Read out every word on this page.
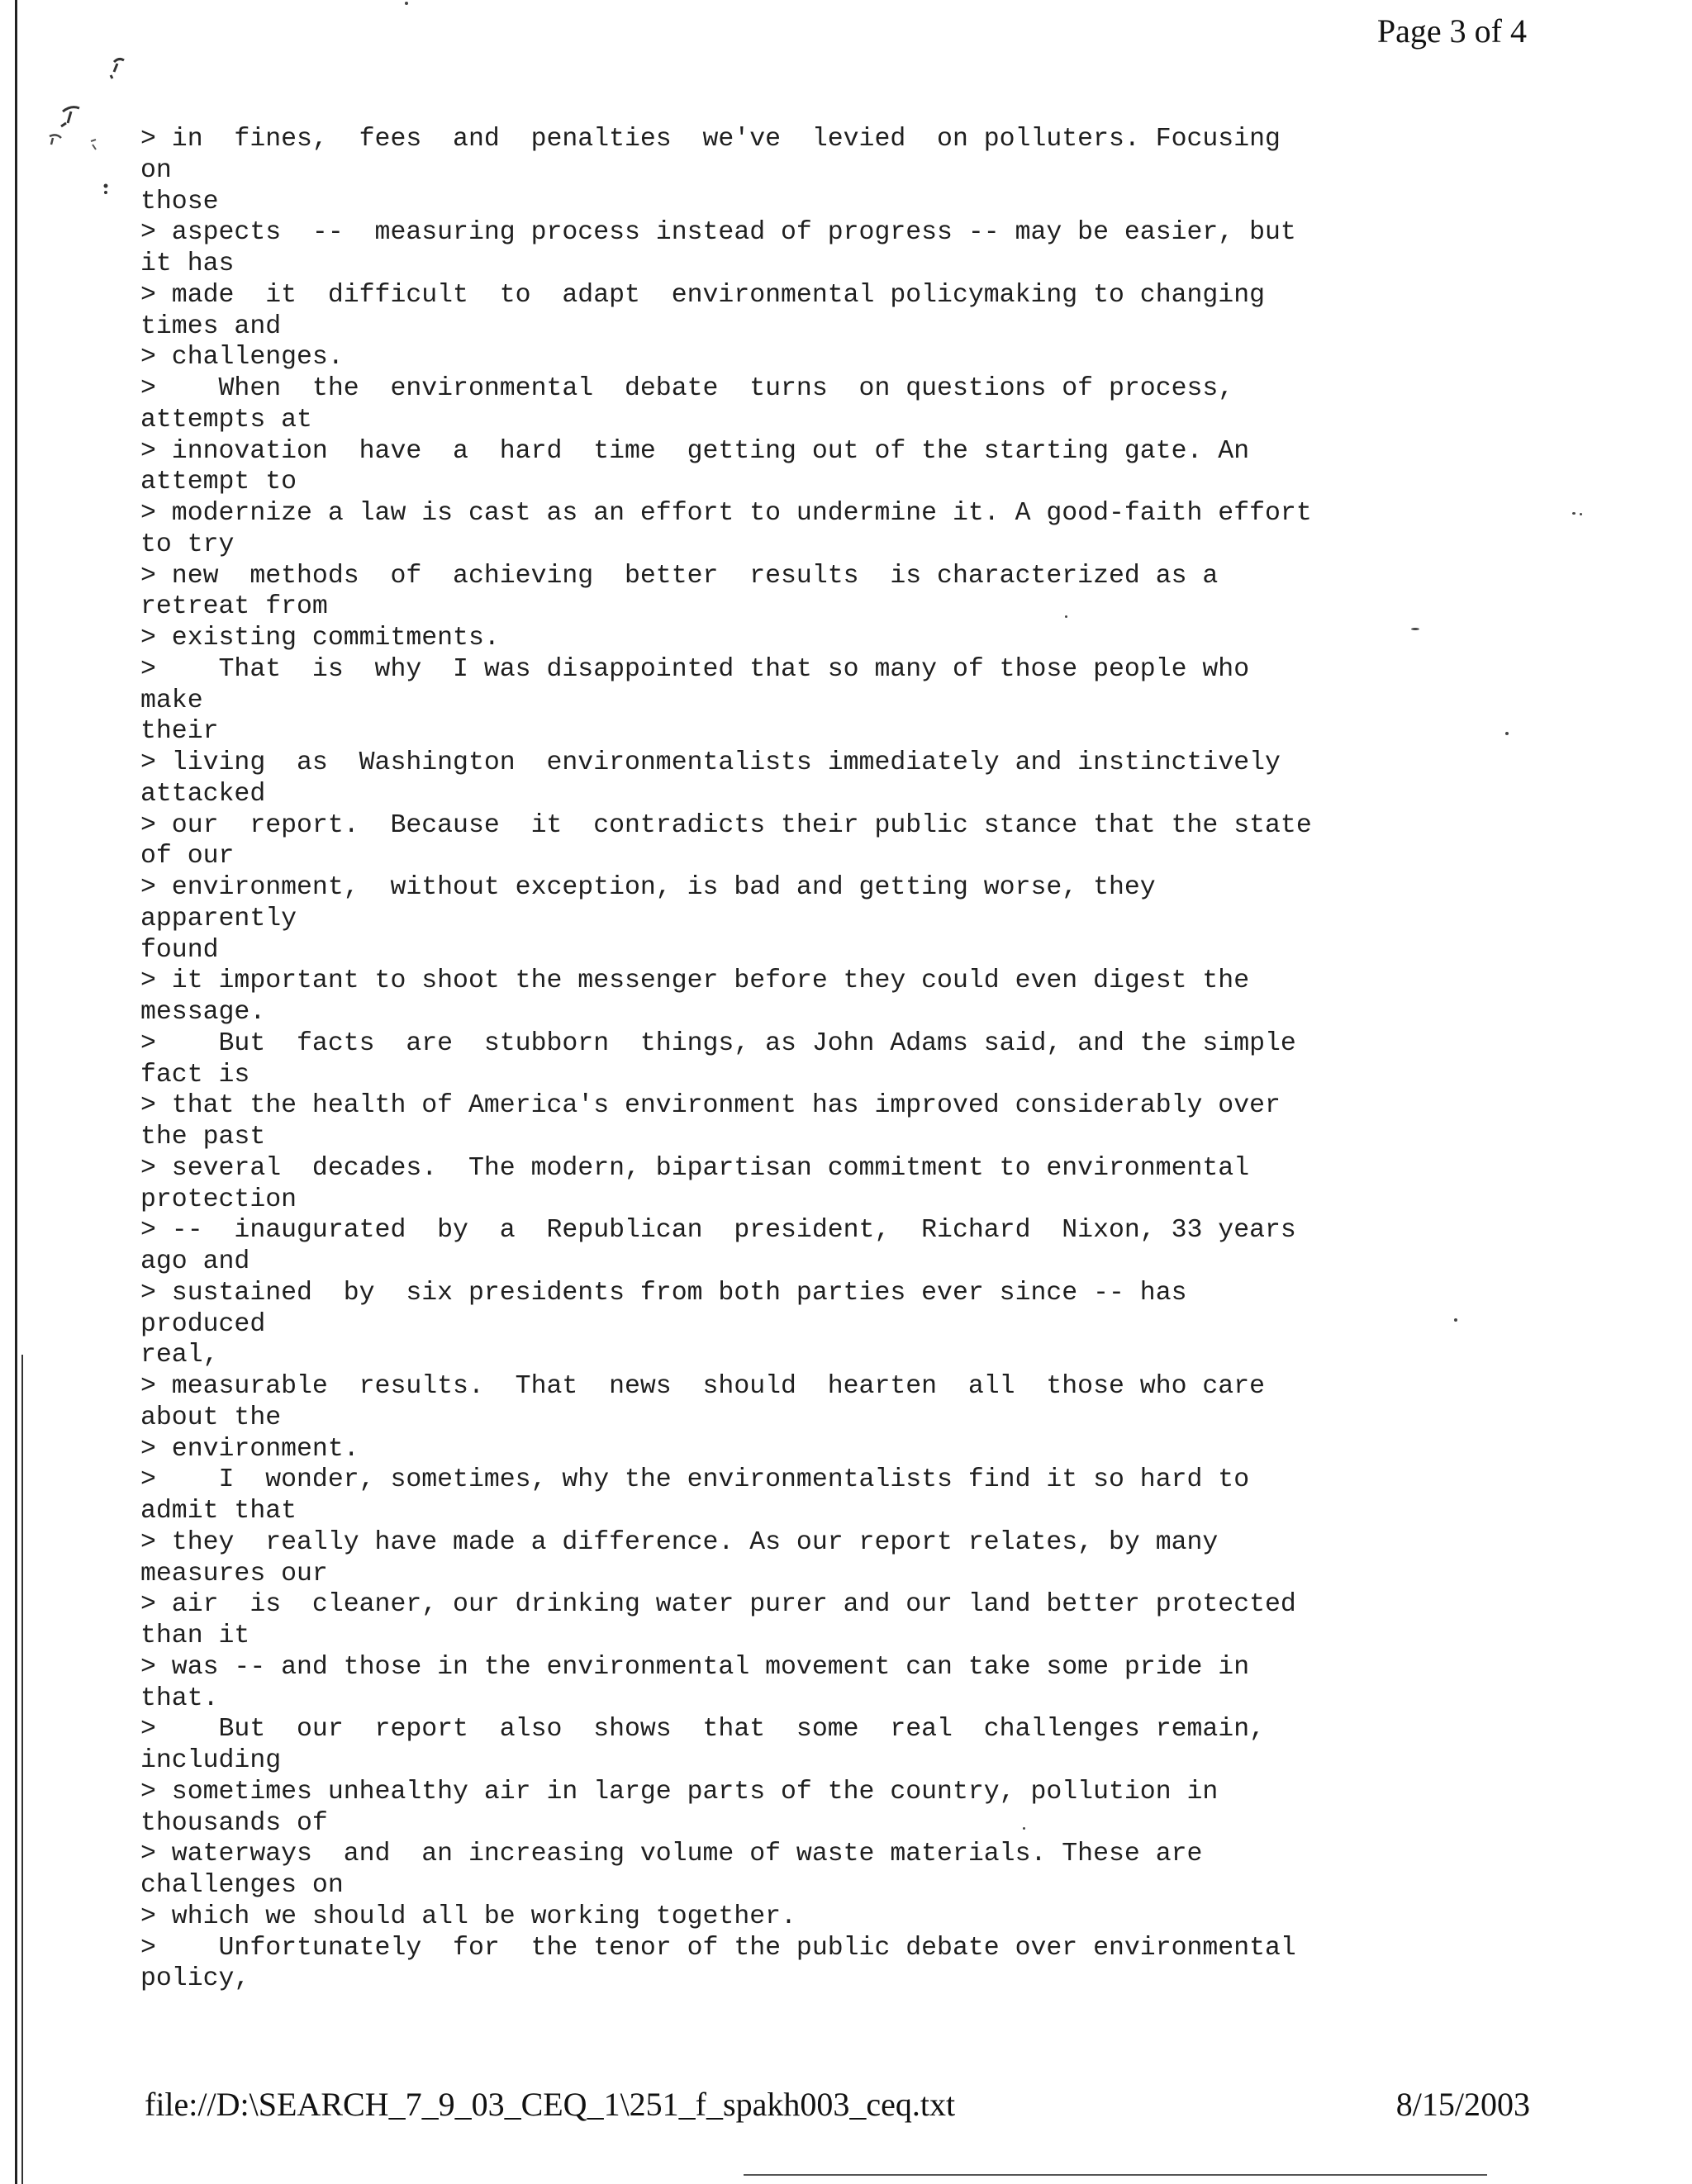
Page 3 of 4
> in  fines,  fees  and  penalties  we've  levied  on polluters. Focusing
on
those
> aspects  --  measuring process instead of progress -- may be easier, but
it has
> made  it  difficult  to  adapt  environmental policymaking to changing
times and
> challenges.
>    When  the  environmental  debate  turns  on questions of process,
attempts at
> innovation  have  a  hard  time  getting out of the starting gate. An
attempt to
> modernize a law is cast as an effort to undermine it. A good-faith effort
to try
> new  methods  of  achieving  better  results  is characterized as a
retreat from
> existing commitments.
>    That  is  why  I was disappointed that so many of those people who
make
their
> living  as  Washington  environmentalists immediately and instinctively
attacked
> our  report.  Because  it  contradicts their public stance that the state
of our
> environment,  without exception, is bad and getting worse, they
apparently
found
> it important to shoot the messenger before they could even digest the
message.
>    But  facts  are  stubborn  things, as John Adams said, and the simple
fact is
> that the health of America's environment has improved considerably over
the past
> several  decades.  The modern, bipartisan commitment to environmental
protection
> --  inaugurated  by  a  Republican  president,  Richard  Nixon, 33 years
ago and
> sustained  by  six presidents from both parties ever since -- has
produced
real,
> measurable  results.  That  news  should  hearten  all  those who care
about the
> environment.
>    I  wonder, sometimes, why the environmentalists find it so hard to
admit that
> they  really have made a difference. As our report relates, by many
measures our
> air  is  cleaner, our drinking water purer and our land better protected
than it
> was -- and those in the environmental movement can take some pride in
that.
>    But  our  report  also  shows  that  some  real  challenges remain,
including
> sometimes unhealthy air in large parts of the country, pollution in
thousands of
> waterways  and  an increasing volume of waste materials. These are
challenges on
> which we should all be working together.
>    Unfortunately  for  the tenor of the public debate over environmental
policy,
file://D:\SEARCH_7_9_03_CEQ_1\251_f_spakh003_ceq.txt	8/15/2003
